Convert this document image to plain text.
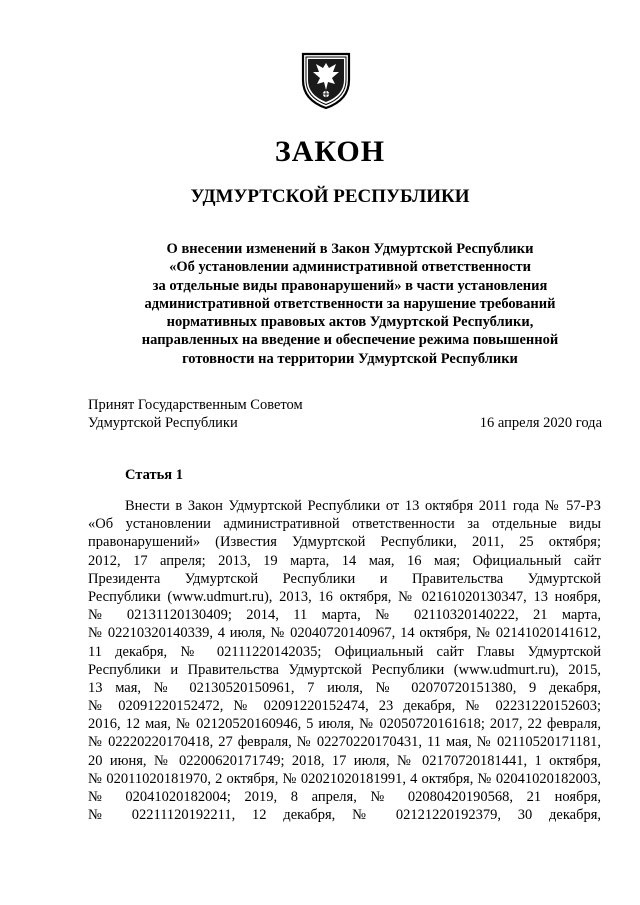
ЗАКОН
УДМУРТСКОЙ РЕСПУБЛИКИ
О внесении изменений в Закон Удмуртской Республики
«Об установлении административной ответственности
за отдельные виды правонарушений» в части установления
административной ответственности за нарушение требований
нормативных правовых актов Удмуртской Республики,
направленных на введение и обеспечение режима повышенной
готовности на территории Удмуртской Республики
Принят Государственным Советом
Удмуртской Республики	16 апреля 2020 года
Статья 1
Внести в Закон Удмуртской Республики от 13 октября 2011 года № 57-РЗ
«Об установлении административной ответственности за отдельные виды
правонарушений» (Известия Удмуртской Республики, 2011, 25 октября;
2012, 17 апреля; 2013, 19 марта, 14 мая, 16 мая; Официальный сайт
Президента Удмуртской Республики и Правительства Удмуртской
Республики (www.udmurt.ru), 2013, 16 октября, № 02161020130347, 13 ноября,
№ 02131120130409; 2014, 11 марта, № 02110320140222, 21 марта,
№ 02210320140339, 4 июля, № 02040720140967, 14 октября, № 02141020141612,
11 декабря, № 02111220142035; Официальный сайт Главы Удмуртской
Республики и Правительства Удмуртской Республики (www.udmurt.ru), 2015,
13 мая, № 02130520150961, 7 июля, № 02070720151380, 9 декабря,
№ 02091220152472, № 02091220152474, 23 декабря, № 02231220152603;
2016, 12 мая, № 02120520160946, 5 июля, № 02050720161618; 2017, 22 февраля,
№ 02220220170418, 27 февраля, № 02270220170431, 11 мая, № 02110520171181,
20 июня, № 02200620171749; 2018, 17 июля, № 02170720181441, 1 октября,
№ 02011020181970, 2 октября, № 02021020181991, 4 октября, № 02041020182003,
№ 02041020182004; 2019, 8 апреля, № 02080420190568, 21 ноября,
№ 02211120192211, 12 декабря, № 02121220192379, 30 декабря,
